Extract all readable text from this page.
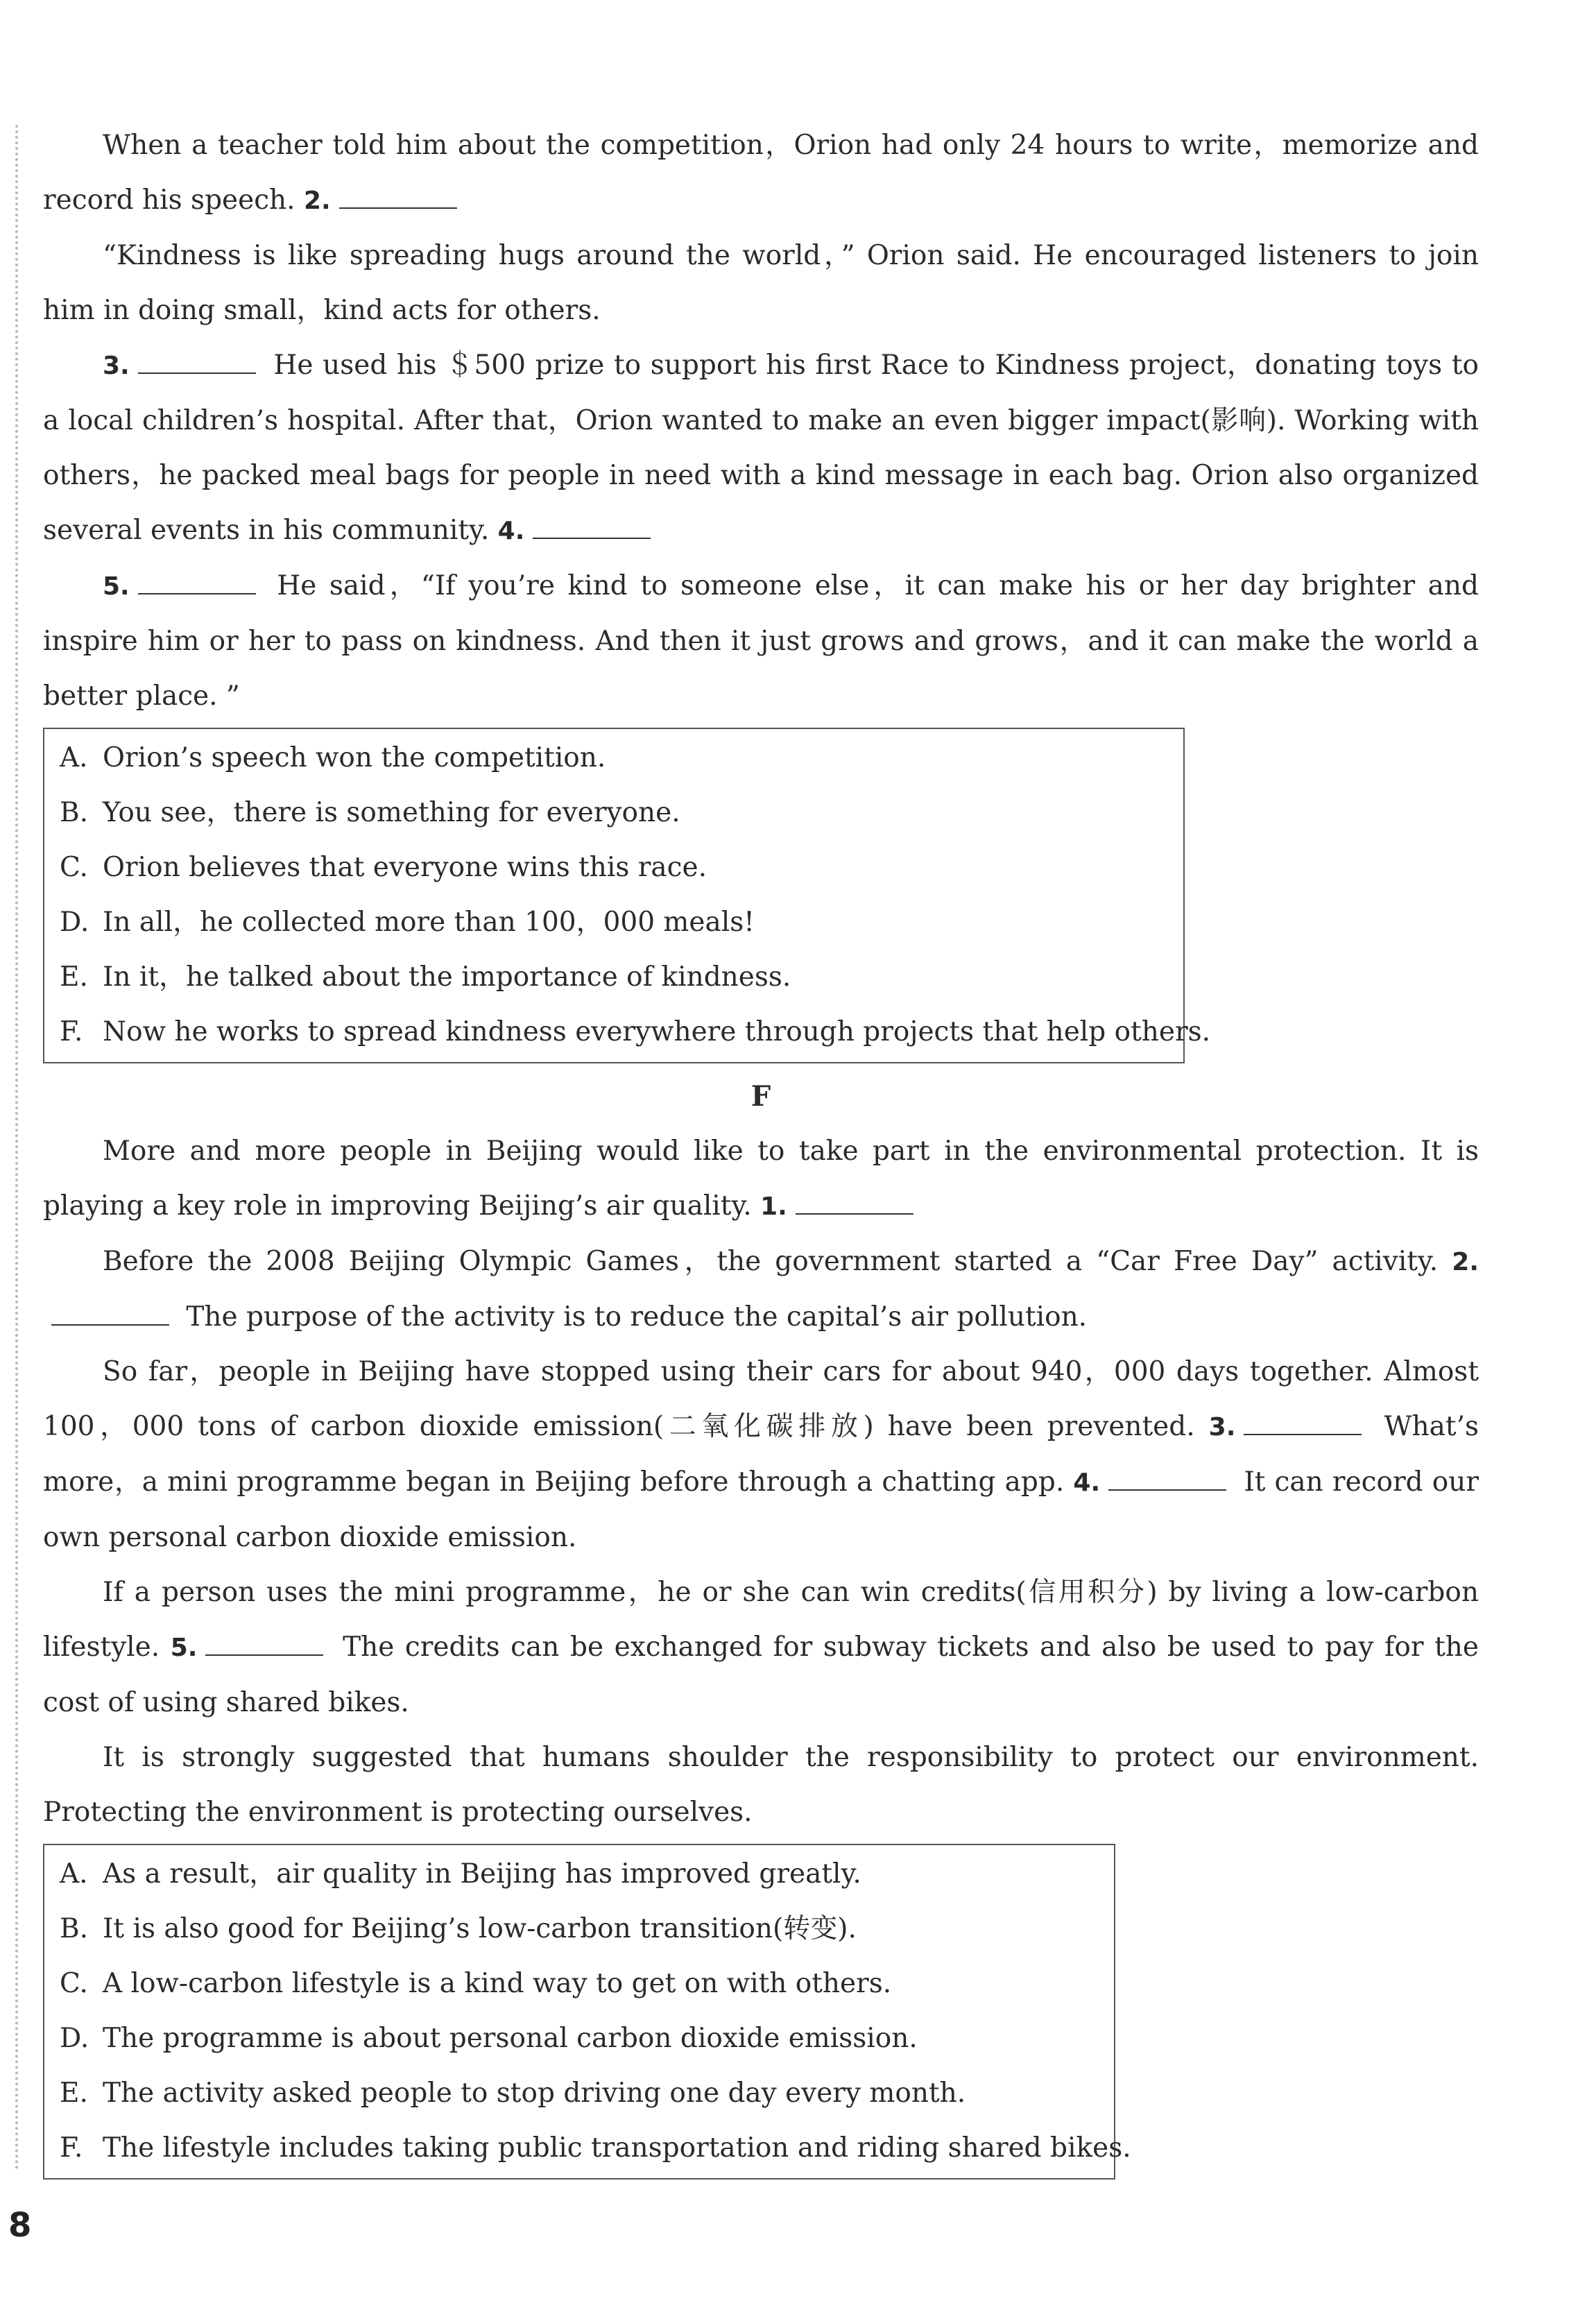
When a teacher told him about the competition，Orion had only 24 hours to write，memorize and record his speech. 2.

“Kindness is like spreading hugs around the world，” Orion said. He encouraged listeners to join him in doing small，kind acts for others.

3.	He used his ＄500 prize to support his first Race to Kindness project，donating toys to a local children’s hospital. After that，Orion wanted to make an even bigger impact(影响). Working with others，he packed meal bags for people in need with a kind message in each bag. Orion also organized several events in his community. 4.

5.	He said，“If you’re kind to someone else，it can make his or her day brighter and inspire him or her to pass on kindness. And then it just grows and grows，and it can make the world a better place. ”

A. Orion’s speech won the competition.
B. You see，there is something for everyone.
C. Orion believes that everyone wins this race.
D. In all，he collected more than 100，000 meals!
E. In it，he talked about the importance of kindness.
F. Now he works to spread kindness everywhere through projects that help others.
F

More and more people in Beijing would like to take part in the environmental protection. It is playing a key role in improving Beijing’s air quality. 1.

Before the 2008 Beijing Olympic Games，the government started a “Car Free Day” activity. 2. The purpose of the activity is to reduce the capital’s air pollution.

So far，people in Beijing have stopped using their cars for about 940，000 days together. Almost 100，000 tons of carbon dioxide emission(二氧化碳排放) have been prevented. 3.	What’s more，a mini programme began in Beijing before through a chatting app. 4.	It can record our own personal carbon dioxide emission.

If a person uses the mini programme，he or she can win credits(信用积分) by living a low-carbon lifestyle. 5.	The credits can be exchanged for subway tickets and also be used to pay for the cost of using shared bikes.

It is strongly suggested that humans shoulder the responsibility to protect our environment. Protecting the environment is protecting ourselves.

A. As a result，air quality in Beijing has improved greatly.
B. It is also good for Beijing’s low-carbon transition(转变).
C. A low-carbon lifestyle is a kind way to get on with others.
D. The programme is about personal carbon dioxide emission.
E. The activity asked people to stop driving one day every month.
F. The lifestyle includes taking public transportation and riding shared bikes.
8
